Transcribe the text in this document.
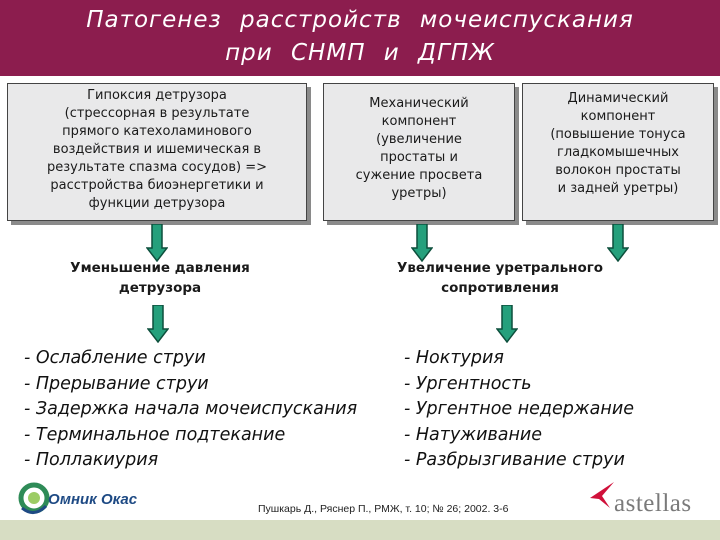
Патогенез расстройств мочеиспускания
при СНМП и ДГПЖ
Гипоксия детрузора
(стрессорная в результате
прямого катехоламинового
воздействия и ишемическая в
результате спазма сосудов) =>
расстройства биоэнергетики и
функции детрузора
Механический
компонент
(увеличение
простаты и
сужение просвета
уретры)
Динамический
компонент
(повышение тонуса
гладкомышечных
волокон простаты
и задней уретры)
Уменьшение давления
детрузора
Увеличение уретрального
сопротивления
- Ослабление струи
- Прерывание струи
- Задержка начала мочеиспускания
- Терминальное подтекание
- Поллакиурия
- Ноктурия
- Ургентность
- Ургентное недержание
- Натуживание
- Разбрызгивание струи
Омник Окас
Пушкарь Д., Ряснер П., РМЖ, т. 10; № 26; 2002. 3-6	astellas
